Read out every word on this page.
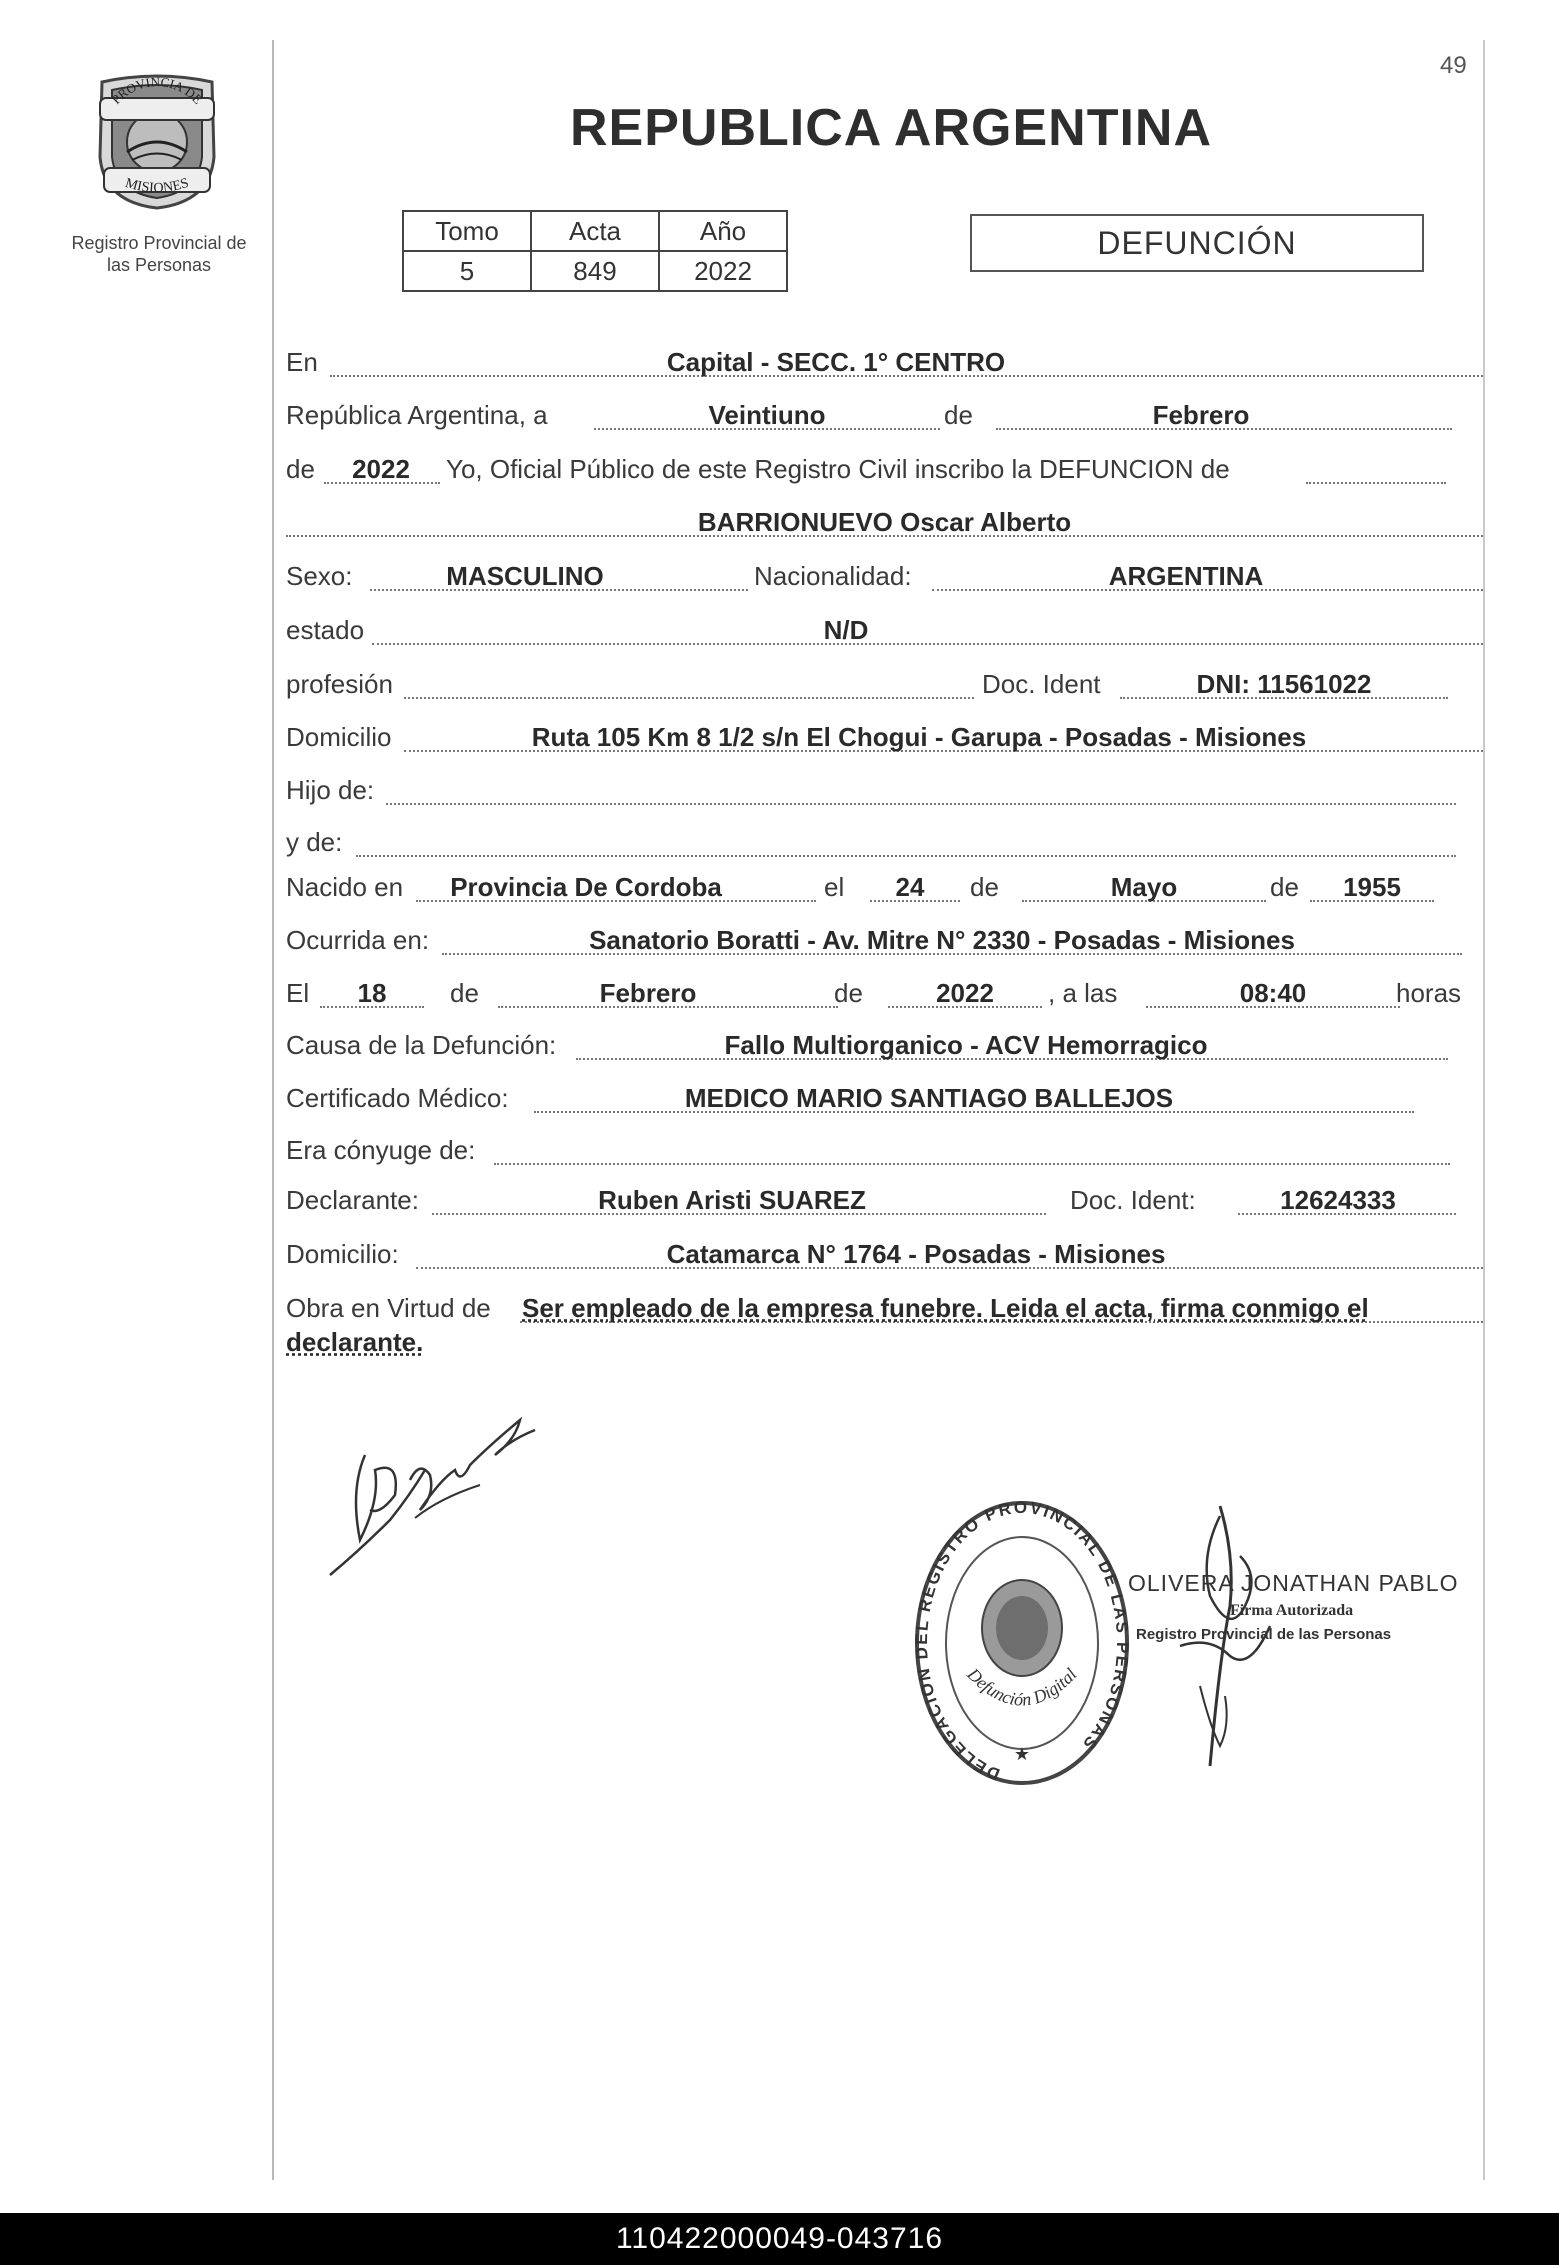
49
PROVINCIA DE
MISIONES
Registro Provincial de
las Personas
REPUBLICA ARGENTINA
Tomo	Acta	Año
5	849	2022
DEFUNCIÓN
En	Capital - SECC. 1° CENTRO
República Argentina, a	Veintiuno	de	Febrero
de	2022	Yo, Oficial Público de este Registro Civil inscribo la DEFUNCION de
BARRIONUEVO Oscar Alberto
Sexo:	MASCULINO	Nacionalidad:	ARGENTINA
estado	N/D
profesión	Doc. Ident	DNI: 11561022
Domicilio	Ruta 105 Km 8 1/2 s/n El Chogui - Garupa - Posadas - Misiones
Hijo de:
y de:
Nacido en	Provincia De Cordoba	el	24	de	Mayo	de	1955
Ocurrida en:	Sanatorio Boratti - Av. Mitre N° 2330 - Posadas - Misiones
El	18	de	Febrero	de	2022	, a las	08:40	horas
Causa de la Defunción:	Fallo Multiorganico - ACV Hemorragico
Certificado Médico:	MEDICO MARIO SANTIAGO BALLEJOS
Era cónyuge de:
Declarante:	Ruben Aristi SUAREZ	Doc. Ident:	12624333
Domicilio:	Catamarca N° 1764 - Posadas - Misiones
Obra en Virtud de Ser empleado de la empresa funebre. Leida el acta, firma conmigo el
declarante.
DELEGACION DEL REGISTRO PROVINCIAL DE LAS PERSONAS
Defunción Digital
★
OLIVERA JONATHAN PABLO
Firma Autorizada
Registro Provincial de las Personas
110422000049-043716
